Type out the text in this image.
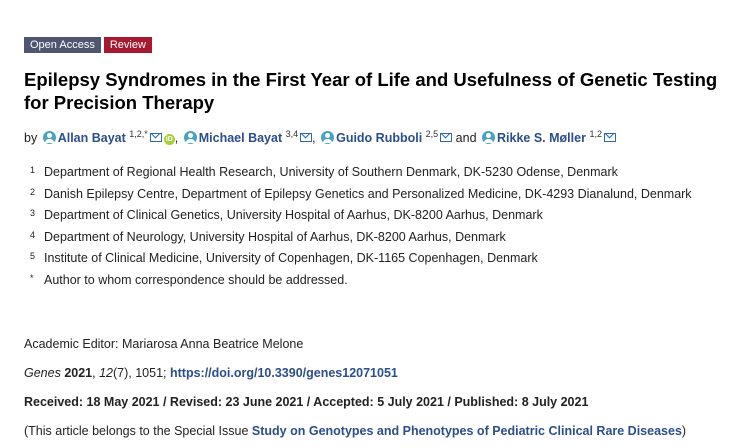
Open Access	Review
Epilepsy Syndromes in the First Year of Life and Usefulness of Genetic Testing for Precision Therapy
by Allan Bayat $^{1,2,*}$iD , Michael Bayat $^{3,4}$ , Guido Rubboli $^{2,5}$ and Rikke S. Møller $^{1,2}$
1 Department of Regional Health Research, University of Southern Denmark, DK-5230 Odense, Denmark
2 Danish Epilepsy Centre, Department of Epilepsy Genetics and Personalized Medicine, DK-4293 Dianalund, Denmark
3 Department of Clinical Genetics, University Hospital of Aarhus, DK-8200 Aarhus, Denmark
4 Department of Neurology, University Hospital of Aarhus, DK-8200 Aarhus, Denmark
5 Institute of Clinical Medicine, University of Copenhagen, DK-1165 Copenhagen, Denmark
* Author to whom correspondence should be addressed.
Academic Editor: Mariarosa Anna Beatrice Melone
Genes 2021, 12(7), 1051; https://doi.org/10.3390/genes12071051
Received: 18 May 2021 / Revised: 23 June 2021 / Accepted: 5 July 2021 / Published: 8 July 2021
(This article belongs to the Special Issue Study on Genotypes and Phenotypes of Pediatric Clinical Rare Diseases)
